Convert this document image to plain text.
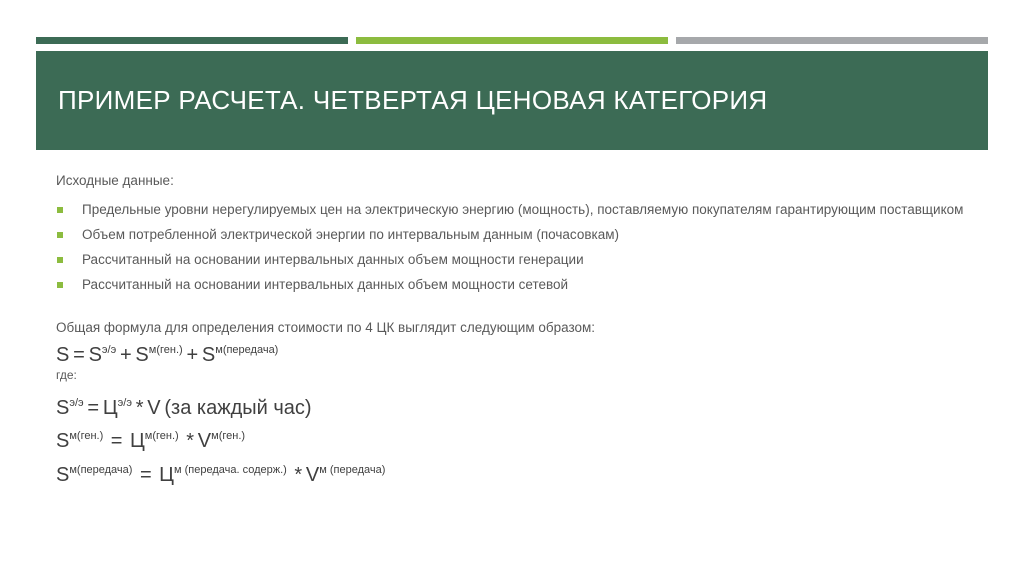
ПРИМЕР РАСЧЕТА. ЧЕТВЕРТАЯ ЦЕНОВАЯ КАТЕГОРИЯ
Исходные данные:
Предельные уровни нерегулируемых цен на электрическую энергию (мощность), поставляемую покупателям гарантирующим поставщиком
Объем потребленной электрической энергии по интервальным данным (почасовкам)
Рассчитанный на основании интервальных данных объем мощности генерации
Рассчитанный на основании интервальных данных объем мощности сетевой
Общая формула для определения стоимости по 4 ЦК выглядит следующим образом:
$S = S^{э/э} + S^{м(ген.)} + S^{м(передача)}$
где:
$S^{э/э} = Ц^{э/э} * V$ (за каждый час)
$S^{м(ген.)} = Ц^{м(ген.)} * V^{м(ген.)}$
$S^{м(передача)} = Ц^{м (передача. содерж.)} * V^{м (передача)}$
